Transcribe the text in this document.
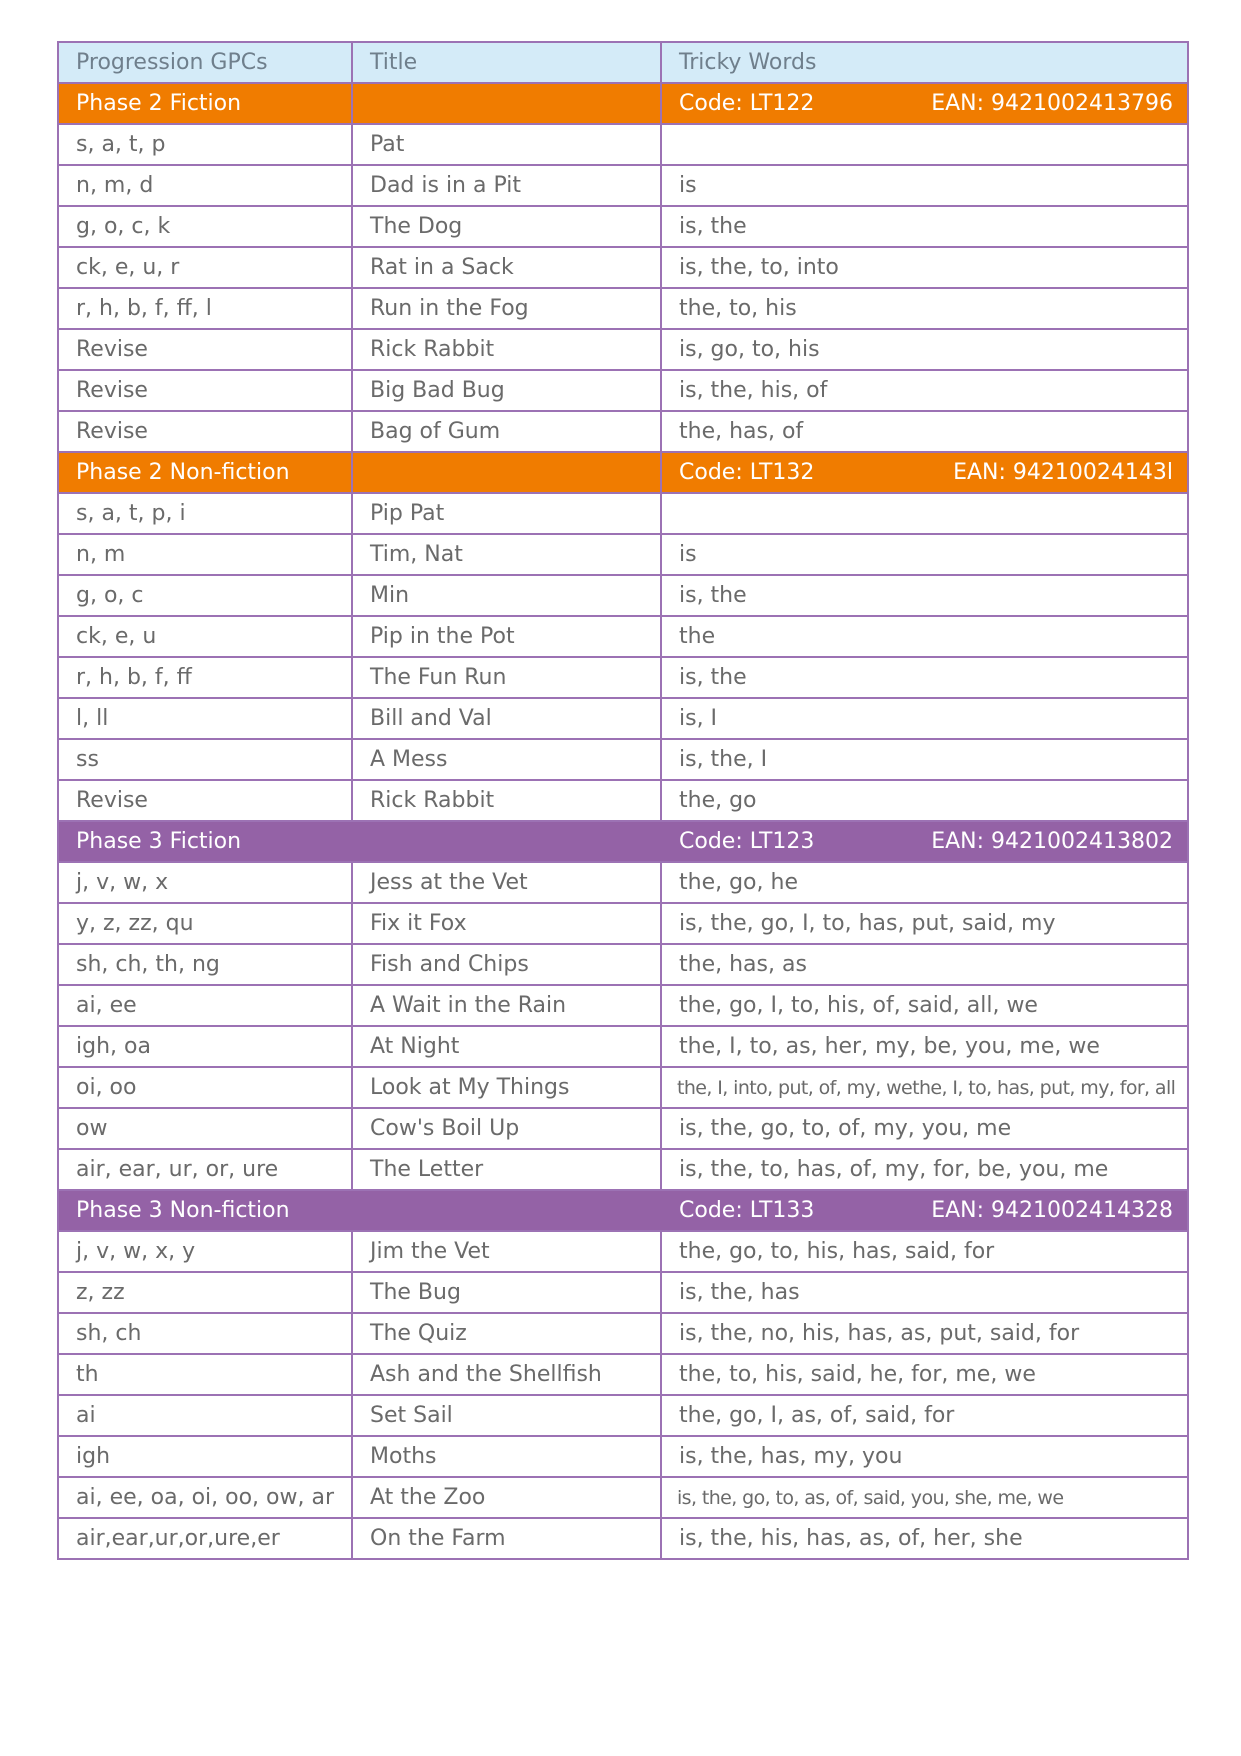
Progression GPCs	Title	Tricky Words
Phase 2 Fiction		Code: LT122 EAN: 9421002413796

s, a, t, p	Pat	
n, m, d	Dad is in a Pit	is
g, o, c, k	The Dog	is, the
ck, e, u, r	Rat in a Sack	is, the, to, into
r, h, b, f, ff, l	Run in the Fog	the, to, his
Revise	Rick Rabbit	is, go, to, his
Revise	Big Bad Bug	is, the, his, of
Revise	Bag of Gum	the, has, of
Phase 2 Non-fiction		Code: LT132 EAN: 94210024143l

s, a, t, p, i	Pip Pat	
n, m	Tim, Nat	is
g, o, c	Min	is, the
ck, e, u	Pip in the Pot	the
r, h, b, f, ff	The Fun Run	is, the
l, ll	Bill and Val	is, I
ss	A Mess	is, the, I
Revise	Rick Rabbit	the, go
Phase 3 Fiction		Code: LT123 EAN: 9421002413802

j, v, w, x	Jess at the Vet	the, go, he
y, z, zz, qu	Fix it Fox	is, the, go, I, to, has, put, said, my
sh, ch, th, ng	Fish and Chips	the, has, as
ai, ee	A Wait in the Rain	the, go, I, to, his, of, said, all, we
igh, oa	At Night	the, I, to, as, her, my, be, you, me, we
oi, oo	Look at My Things	the, I, into, put, of, my, wethe, I, to, has, put, my, for, all
ow	Cow's Boil Up	is, the, go, to, of, my, you, me
air, ear, ur, or, ure	The Letter	is, the, to, has, of, my, for, be, you, me
Phase 3 Non-fiction		Code: LT133 EAN: 9421002414328

j, v, w, x, y	Jim the Vet	the, go, to, his, has, said, for
z, zz	The Bug	is, the, has
sh, ch	The Quiz	is, the, no, his, has, as, put, said, for
th	Ash and the Shellfish	the, to, his, said, he, for, me, we
ai	Set Sail	the, go, I, as, of, said, for
igh	Moths	is, the, has, my, you
ai, ee, oa, oi, oo, ow, ar	At the Zoo	is, the, go, to, as, of, said, you, she, me, we
air,ear,ur,or,ure,er	On the Farm	is, the, his, has, as, of, her, she
